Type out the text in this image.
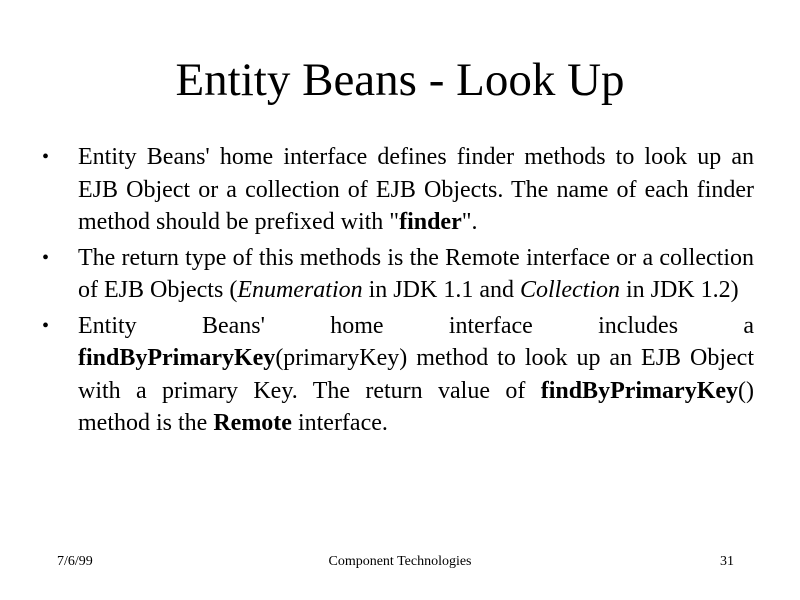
Entity Beans - Look Up
• Entity Beans' home interface defines finder methods to look up an EJB Object or a collection of EJB Objects. The name of each finder method should be prefixed with "finder".
• The return type of this methods is the Remote interface or a collection of EJB Objects (Enumeration in JDK 1.1 and Collection in JDK 1.2)
• Entity Beans' home interface includes a findByPrimaryKey(primaryKey) method to look up an EJB Object with a primary Key. The return value of findByPrimaryKey() method is the Remote interface.
7/6/99	Component Technologies	31
